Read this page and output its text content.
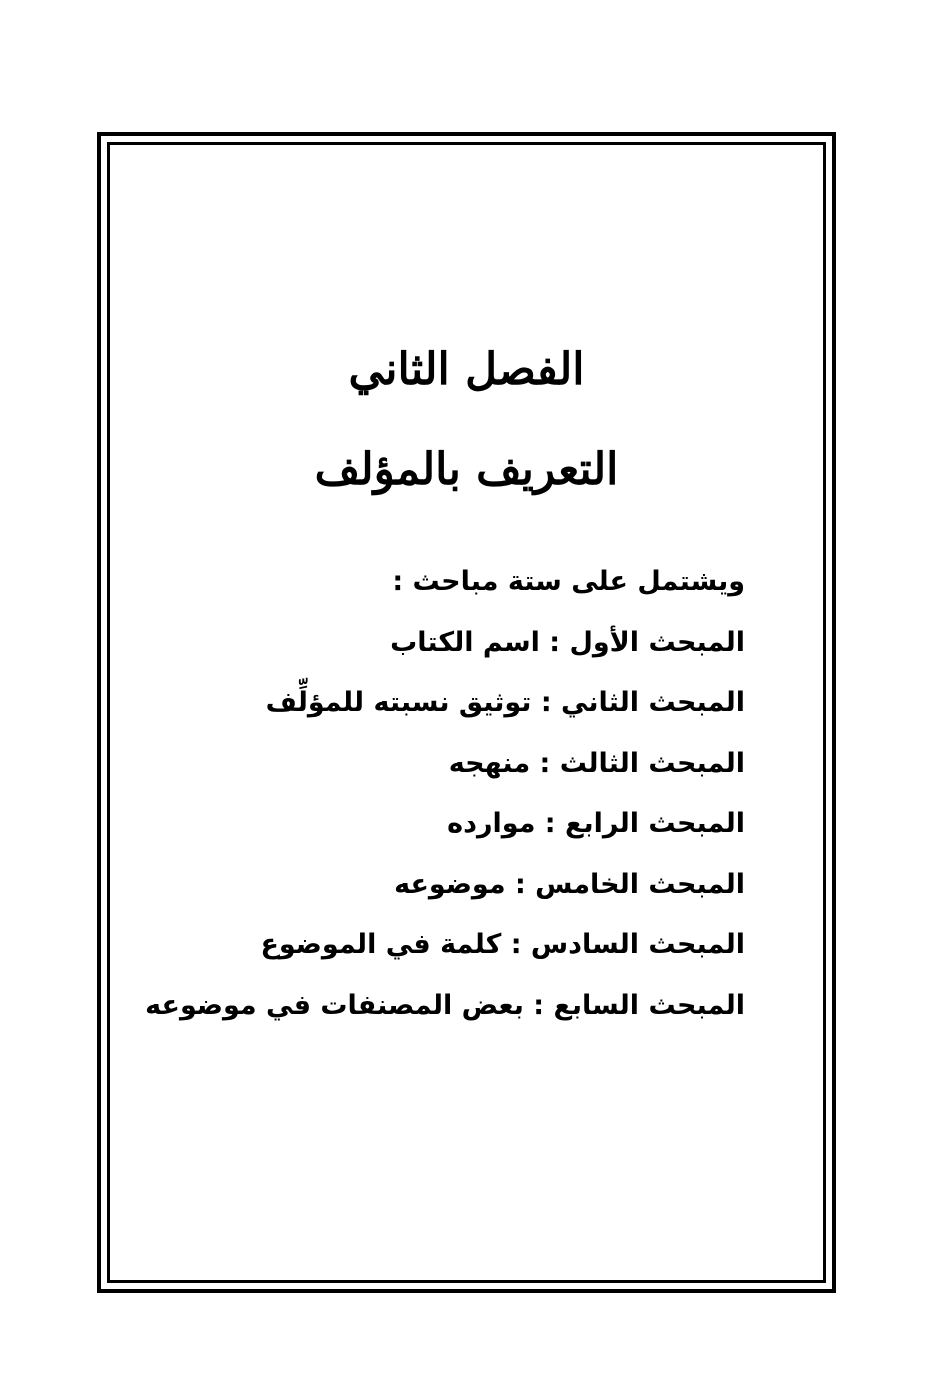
الفصل الثاني
التعريف بالمؤلف
ويشتمل على ستة مباحث :
المبحث الأول : اسم الكتاب
المبحث الثاني : توثيق نسبته للمؤلِّف
المبحث الثالث : منهجه
المبحث الرابع : موارده
المبحث الخامس : موضوعه
المبحث السادس : كلمة في الموضوع
المبحث السابع : بعض المصنفات في موضوعه
